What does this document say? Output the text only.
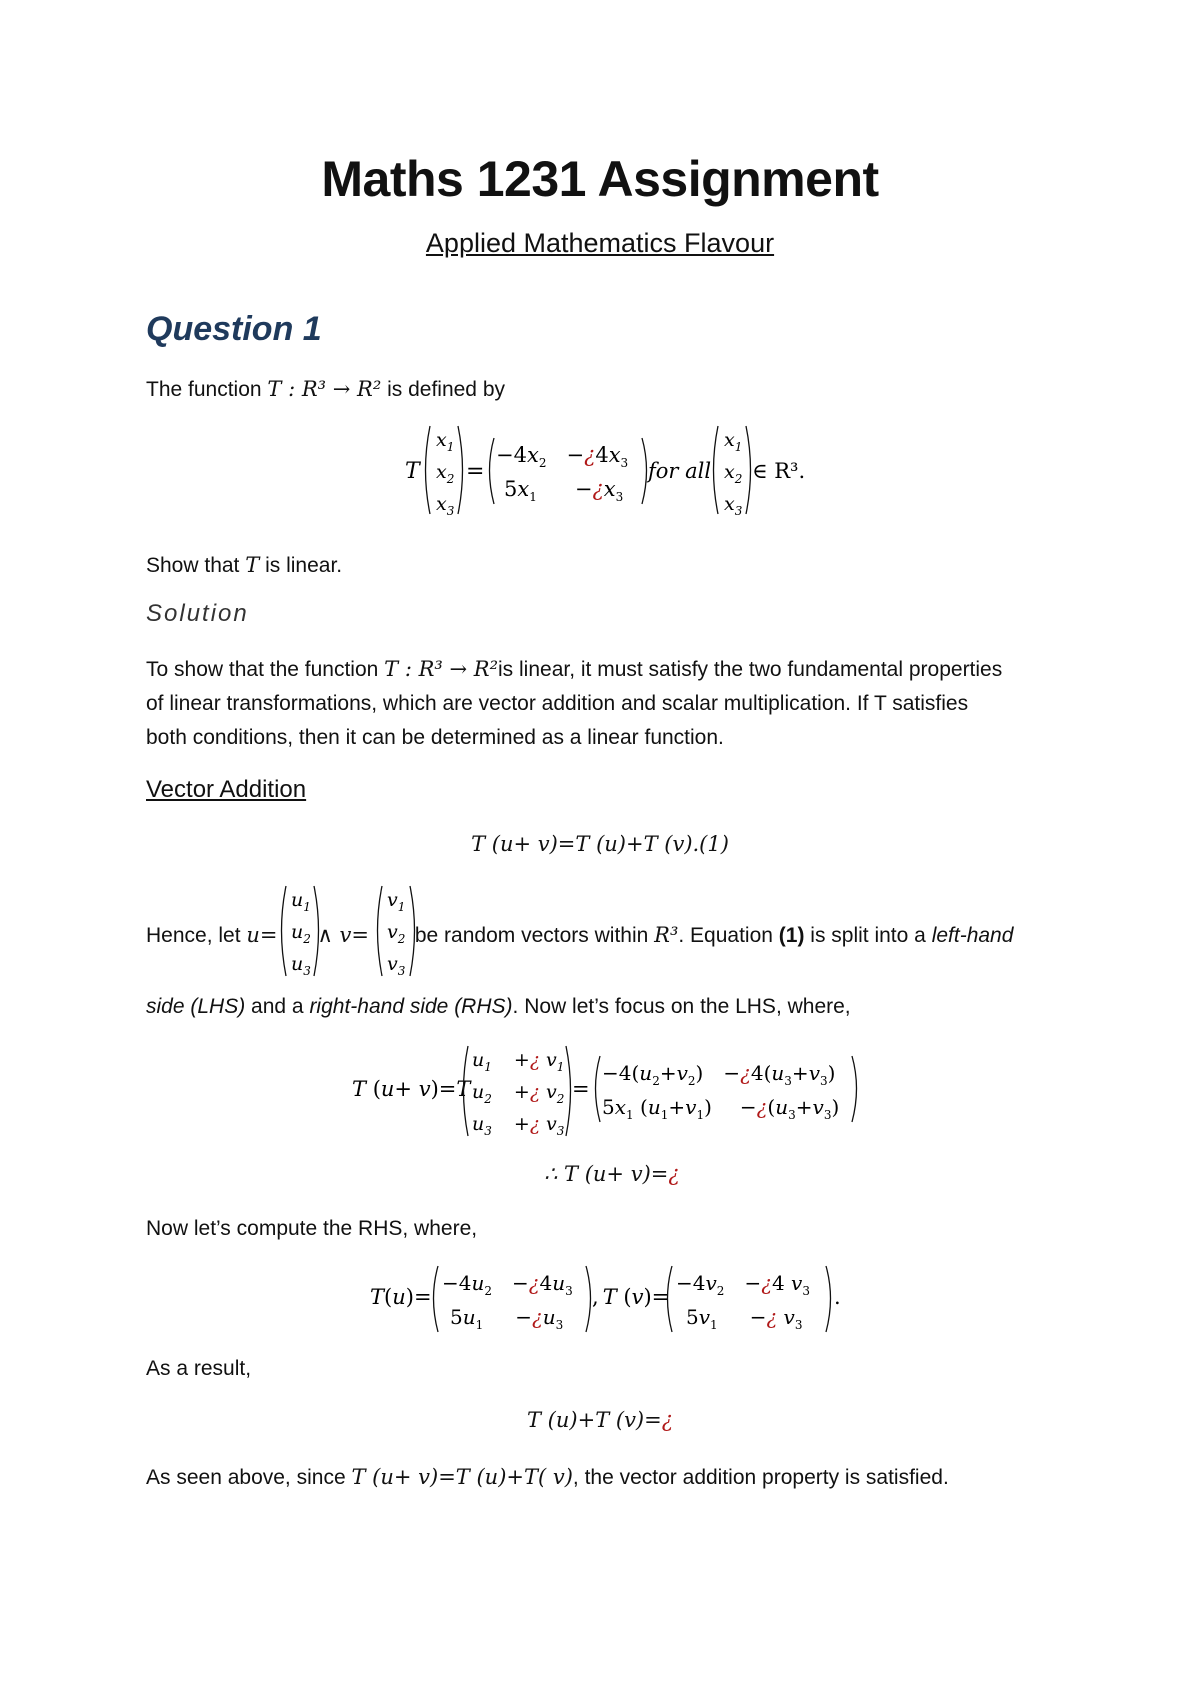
Maths 1231 Assignment
Applied Mathematics Flavour
Question 1
The function T : R³ → R² is defined by
T
$x_1$
$x_2$
$x_3$
=
$-4x_2$ $-¿4x_3$
$5x_1$ $-¿x_3$
for all
$x_1$
$x_2$
$x_3$
∈ R³.
Show that T is linear.
Solution
To show that the function T : R³ → R²is linear, it must satisfy the two fundamental properties
of linear transformations, which are vector addition and scalar multiplication. If T satisfies
both conditions, then it can be determined as a linear function.
Vector Addition
T (u+ v)=T (u)+T (v).(1)
$u_1$
$u_2$
$u_3$
$v_1$
$v_2$
$v_3$
Hence, let u= ∧ v= be random vectors within R³. Equation (1) is split into a left-hand
side (LHS) and a right-hand side (RHS). Now let’s focus on the LHS, where,
T (u+ v)=T
$u_1$ +¿ $v_1$
$u_2$ +¿ $v_2$
$u_3$ +¿ $v_3$
=
$-4(u_2+v_2)$ $-¿4(u_3+v_3)$
$5x_1$ $(u_1+v_1)$ $-¿(u_3+v_3)$
∴ T (u+ v)=¿
Now let’s compute the RHS, where,
T(u)=
$-4u_2$ $-¿4u_3$
$5u_1$ $-¿u_3$
, T (v)=
$-4v_2$ −¿4 $v_3$
$5v_1$ −¿ $v_3$
.
As a result,
T (u)+T (v)=¿
As seen above, since T (u+ v)=T (u)+T( v), the vector addition property is satisfied.
